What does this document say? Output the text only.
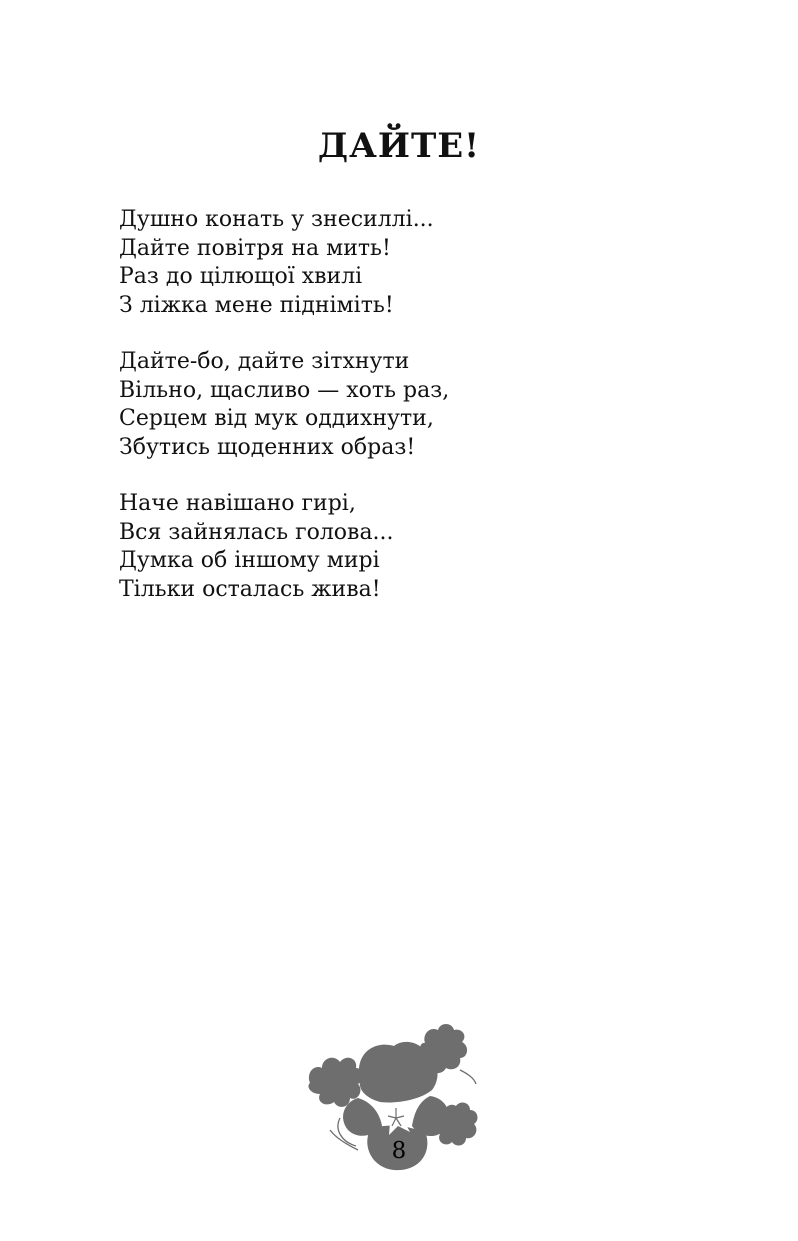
ДАЙТЕ!
Душно конать у знесиллі...
Дайте повітря на мить!
Раз до цілющої хвилі
З ліжка мене підніміть!
Дайте-бо, дайте зітхнути
Вільно, щасливо — хоть раз,
Серцем від мук оддихнути,
Збутись щоденних образ!
Наче навішано гирі,
Вся зайнялась голова...
Думка об іншому мирі
Тільки осталась жива!
8
